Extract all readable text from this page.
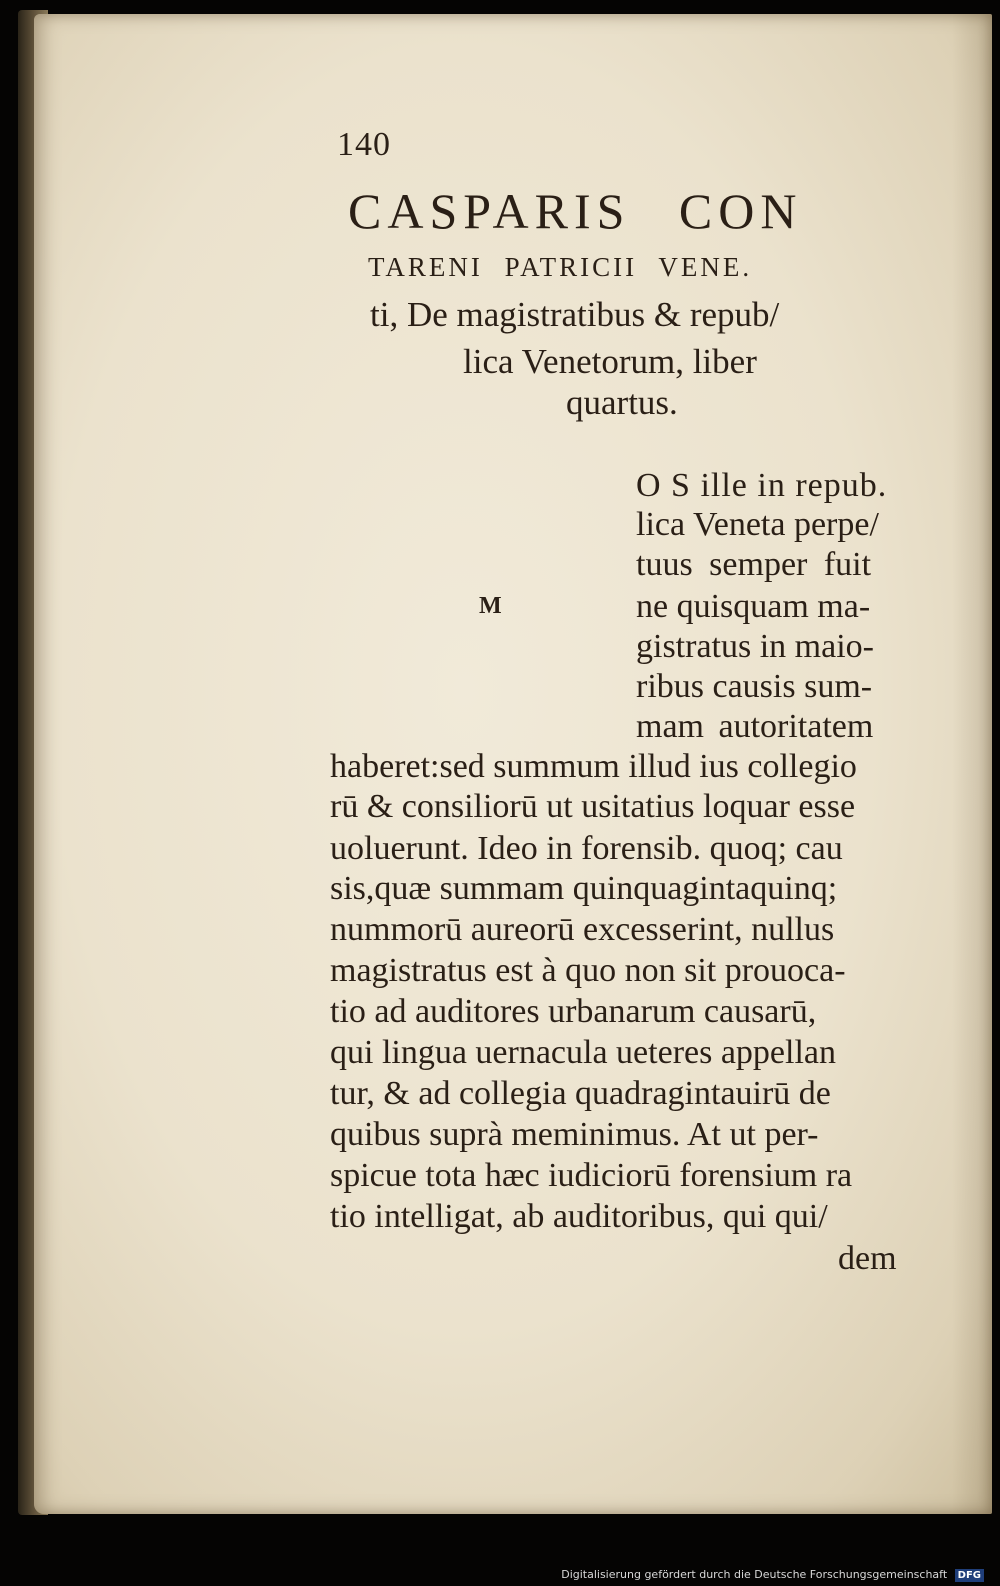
140

CASPARIS CON

TARENI PATRICII VENE.

ti, De magistratibus & repub/

lica Venetorum, liber

quartus.

M

O S ille in repub.

lica Veneta perpe/

tuus semper fuit

ne quisquam ma-

gistratus in maio-

ribus causis sum-

mam autoritatem

haberet:sed summum illud ius collegio

rū & consiliorū ut usitatius loquar esse

uoluerunt. Ideo in forensib. quoq; cau

sis,quæ summam quinquagintaquinq;

nummorū aureorū excesserint, nullus

magistratus est à quo non sit prouoca-

tio ad auditores urbanarum causarū,

qui lingua uernacula ueteres appellan

tur, & ad collegia quadragintauirū de

quibus suprà meminimus. At ut per-

spicue tota hæc iudiciorū forensium ra

tio intelligat, ab auditoribus, qui qui/

dem

Digitalisierung gefördert durch die Deutsche Forschungsgemeinschaft DFG
